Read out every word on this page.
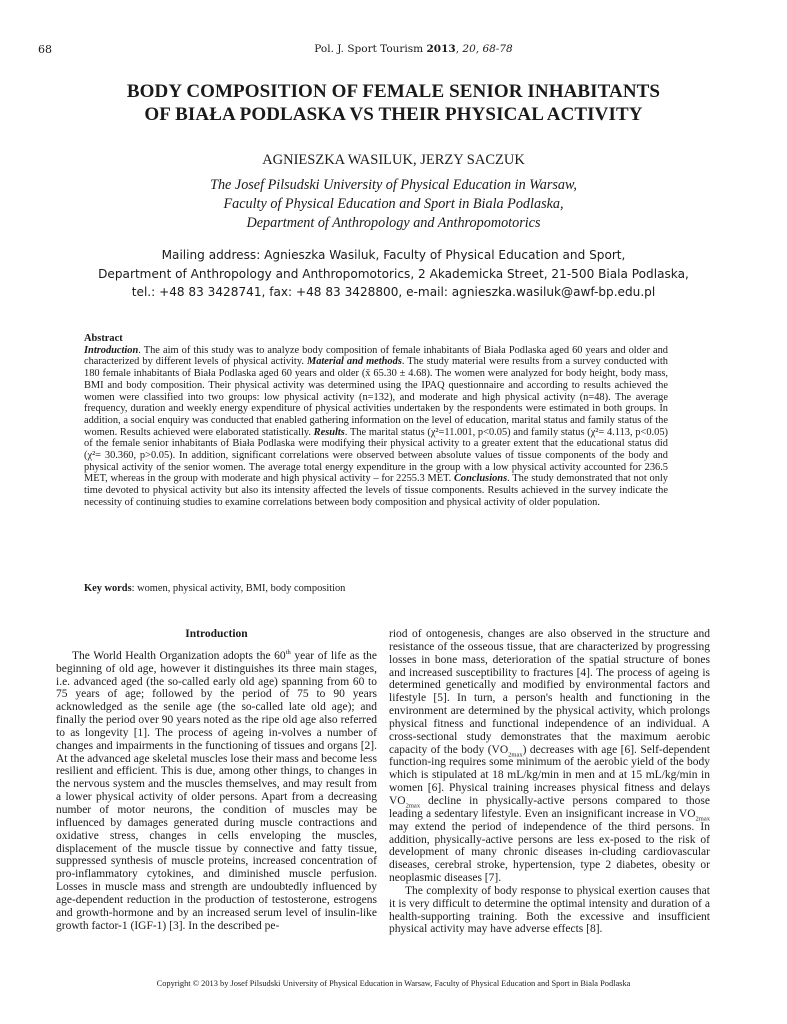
68	Pol. J. Sport Tourism 2013, 20, 68-78
BODY COMPOSITION OF FEMALE SENIOR INHABITANTS
OF BIAŁA PODLASKA VS THEIR PHYSICAL ACTIVITY
AGNIESZKA WASILUK, JERZY SACZUK
The Josef Pilsudski University of Physical Education in Warsaw,
Faculty of Physical Education and Sport in Biala Podlaska,
Department of Anthropology and Anthropomotorics
Mailing address: Agnieszka Wasiluk, Faculty of Physical Education and Sport,
Department of Anthropology and Anthropomotorics, 2 Akademicka Street, 21-500 Biala Podlaska,
tel.: +48 83 3428741, fax: +48 83 3428800, e-mail: agnieszka.wasiluk@awf-bp.edu.pl
Abstract
Introduction. The aim of this study was to analyze body composition of female inhabitants of Biała Podlaska aged 60 years and older and characterized by different levels of physical activity. Material and methods. The study material were results from a survey conducted with 180 female inhabitants of Biała Podlaska aged 60 years and older (x̄ 65.30 ± 4.68). The women were analyzed for body height, body mass, BMI and body composition. Their physical activity was determined using the IPAQ questionnaire and according to results achieved the women were classified into two groups: low physical activity (n=132), and moderate and high physical activity (n=48). The average frequency, duration and weekly energy expenditure of physical activities undertaken by the respondents were estimated in both groups. In addition, a social enquiry was conducted that enabled gathering information on the level of education, marital status and family status of the women. Results achieved were elaborated statistically. Results. The marital status (χ²=11.001, p<0.05) and family status (χ²= 4.113, p<0.05) of the female senior inhabitants of Biała Podlaska were modifying their physical activity to a greater extent that the educational status did (χ²= 30.360, p>0.05). In addition, significant correlations were observed between absolute values of tissue components of the body and physical activity of the senior women. The average total energy expenditure in the group with a low physical activity accounted for 236.5 MET, whereas in the group with moderate and high physical activity – for 2255.3 MET. Conclusions. The study demonstrated that not only time devoted to physical activity but also its intensity affected the levels of tissue components. Results achieved in the survey indicate the necessity of continuing studies to examine correlations between body composition and physical activity of older population.
Key words: women, physical activity, BMI, body composition
Introduction

The World Health Organization adopts the 60th year of life as the beginning of old age, however it distinguishes its three main stages, i.e. advanced aged (the so-called early old age) spanning from 60 to 75 years of age; followed by the period of 75 to 90 years acknowledged as the senile age (the so-called late old age); and finally the period over 90 years noted as the ripe old age also referred to as longevity [1]. The process of ageing in-volves a number of changes and impairments in the functioning of tissues and organs [2]. At the advanced age skeletal muscles lose their mass and become less resilient and efficient. This is due, among other things, to changes in the nervous system and the muscles themselves, and may result from a lower physical activity of older persons. Apart from a decreasing number of motor neurons, the condition of muscles may be influenced by damages generated during muscle contractions and oxidative stress, changes in cells enveloping the muscles, displacement of the muscle tissue by connective and fatty tissue, suppressed synthesis of muscle proteins, increased concentration of pro-inflammatory cytokines, and diminished muscle perfusion. Losses in muscle mass and strength are undoubtedly influenced by age-dependent reduction in the production of testosterone, estrogens and growth-hormone and by an increased serum level of insulin-like growth factor-1 (IGF-1) [3]. In the described pe-

riod of ontogenesis, changes are also observed in the structure and resistance of the osseous tissue, that are characterized by progressing losses in bone mass, deterioration of the spatial structure of bones and increased susceptibility to fractures [4]. The process of ageing is determined genetically and modified by environmental factors and lifestyle [5]. In turn, a person's health and functioning in the environment are determined by the physical activity, which prolongs physical fitness and functional independence of an individual. A cross-sectional study demonstrates that the maximum aerobic capacity of the body $(VO_{2max})$ decreases with age [6]. Self-dependent function-ing requires some minimum of the aerobic yield of the body which is stipulated at 18 mL/kg/min in men and at 15 mL/kg/min in women [6]. Physical training increases physical fitness and delays $VO_{2max}$ decline in physically-active persons compared to those leading a sedentary lifestyle. Even an insignificant increase in $VO_{2max}$ may extend the period of independence of the third persons. In addition, physically-active persons are less ex-posed to the risk of development of many chronic diseases in-cluding cardiovascular diseases, cerebral stroke, hypertension, type 2 diabetes, obesity or neoplasmic diseases [7].

The complexity of body response to physical exertion causes that it is very difficult to determine the optimal intensity and duration of a health-supporting training. Both the excessive and insufficient physical activity may have adverse effects [8].

Copyright © 2013 by Josef Pilsudski University of Physical Education in Warsaw, Faculty of Physical Education and Sport in Biala Podlaska
